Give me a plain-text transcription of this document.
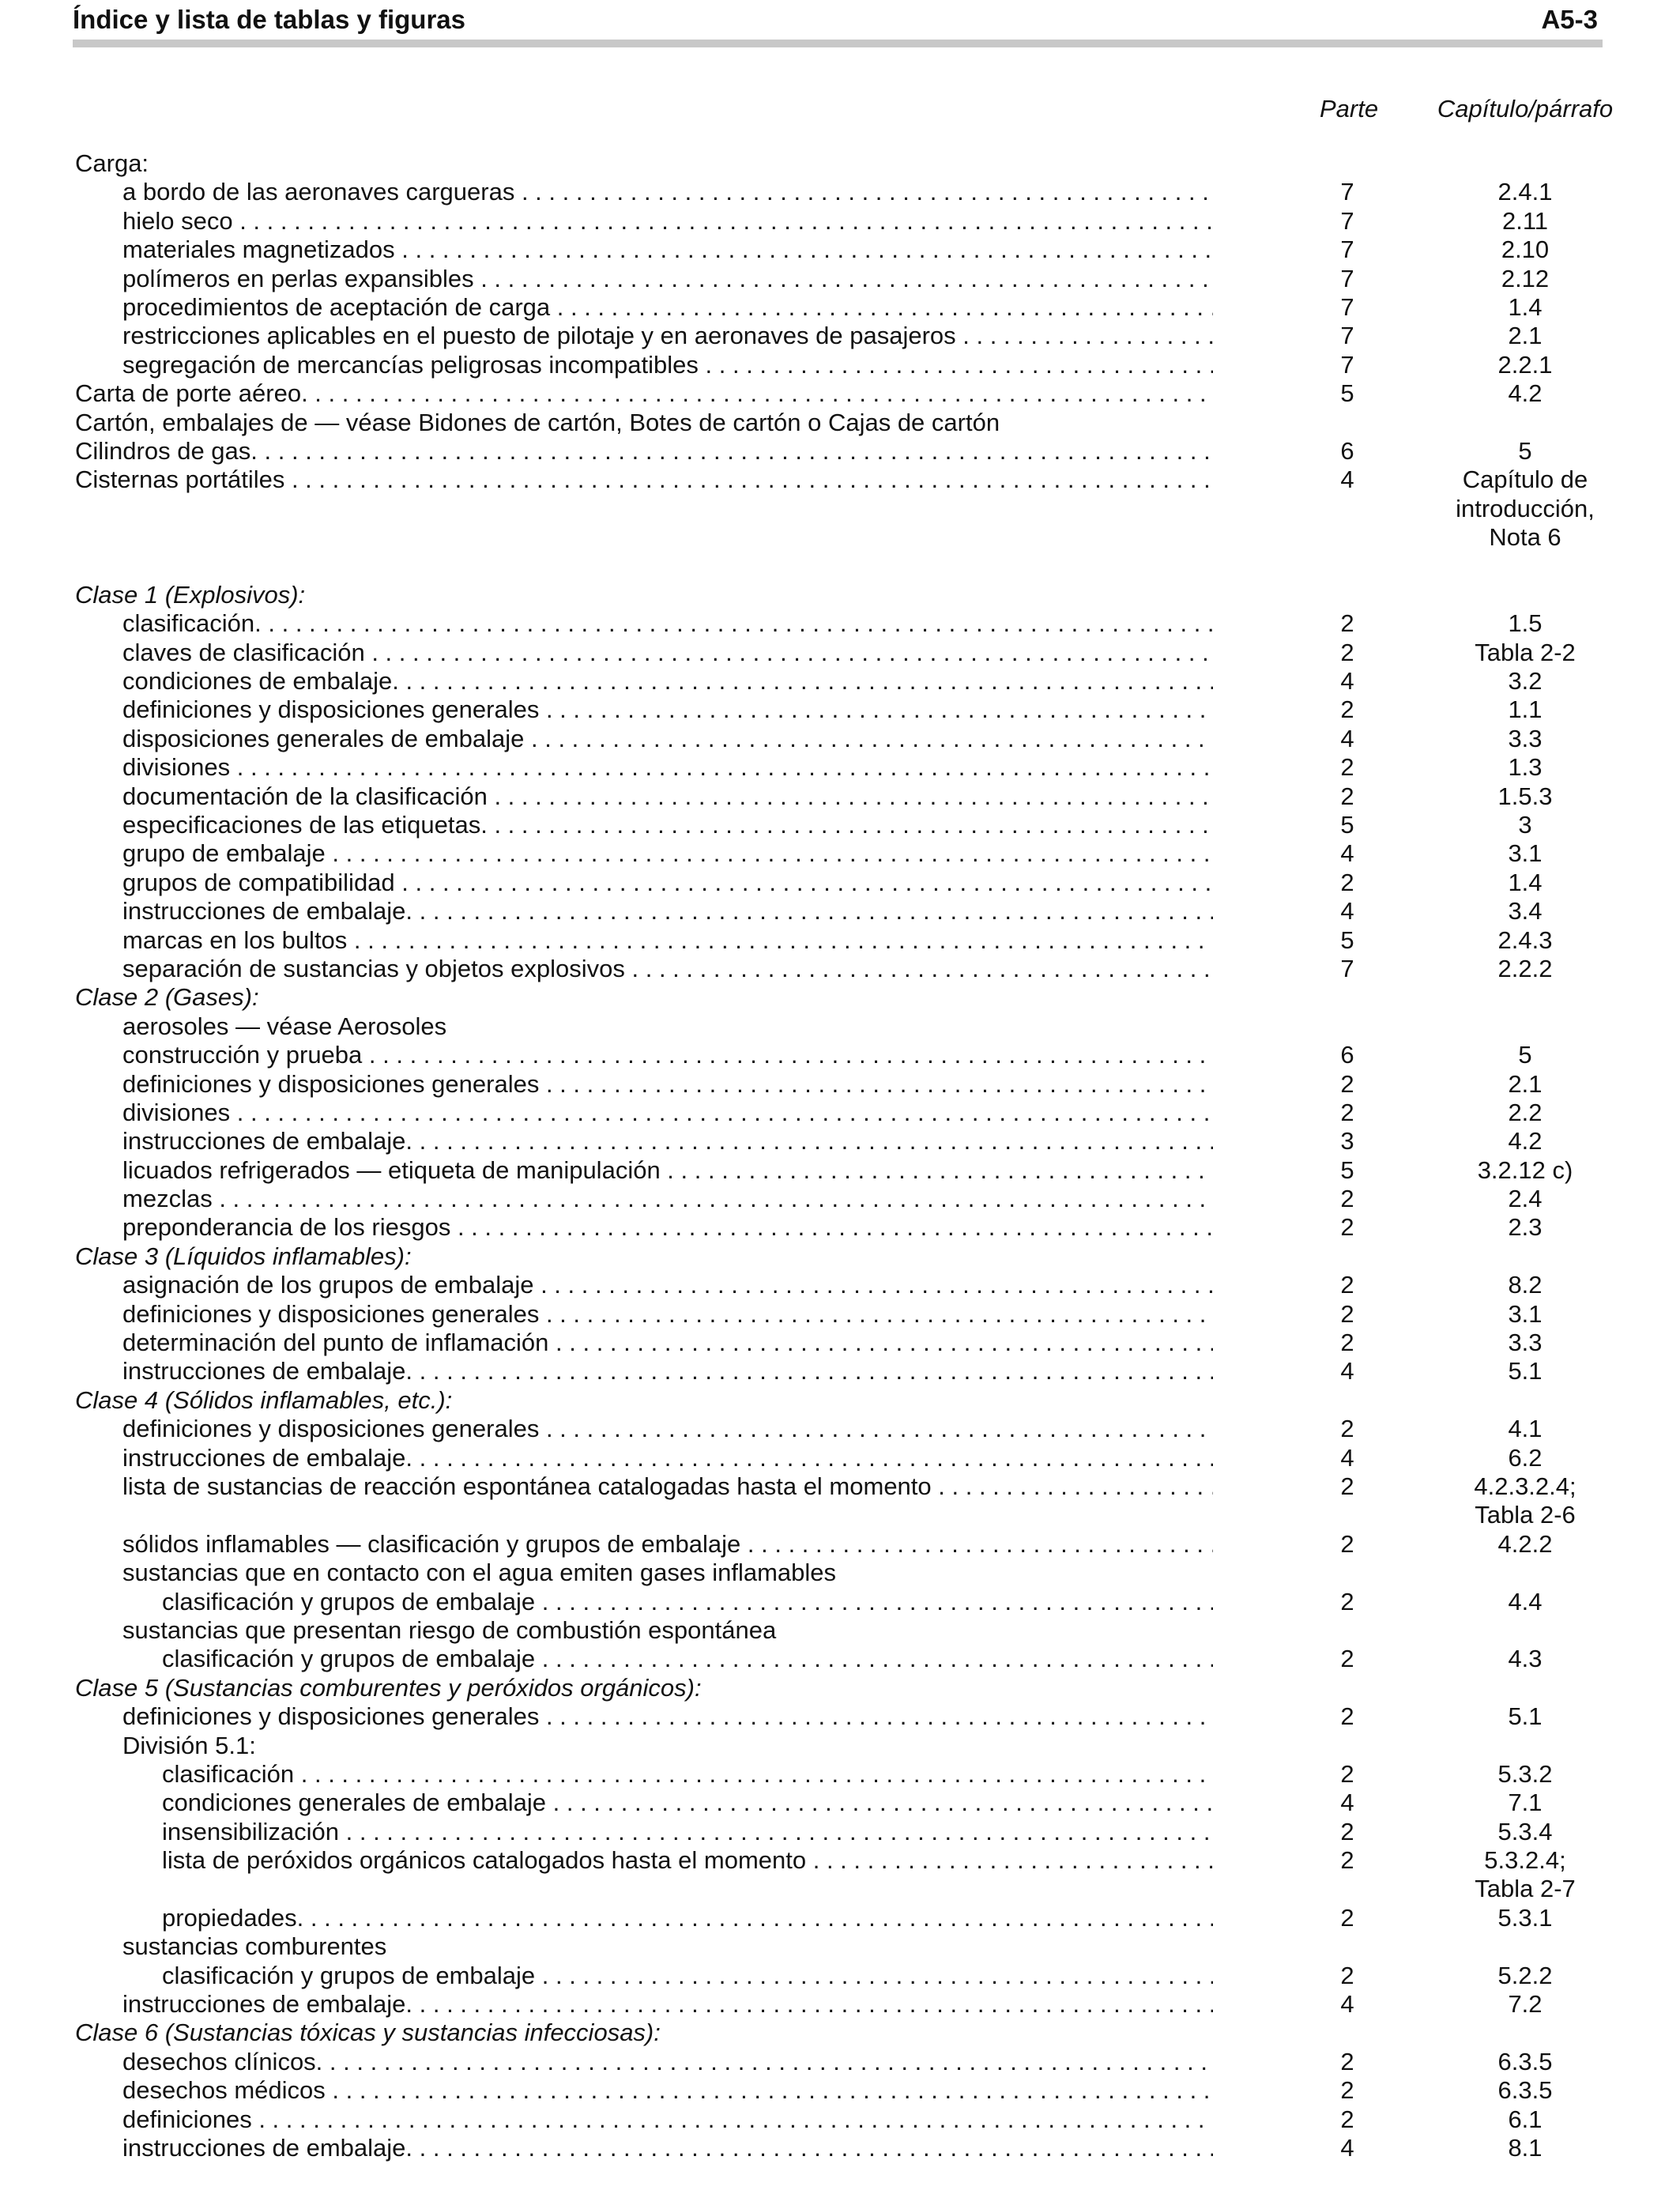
Índice y lista de tablas y figuras	A5-3
Parte	Capítulo/párrafo
Carga:
a bordo de las aeronaves cargueras . . .	7	2.4.1
hielo seco . . .	7	2.11
materiales magnetizados . . .	7	2.10
polímeros en perlas expansibles . . .	7	2.12
procedimientos de aceptación de carga . . .	7	1.4
restricciones aplicables en el puesto de pilotaje y en aeronaves de pasajeros . . .	7	2.1
segregación de mercancías peligrosas incompatibles . . .	7	2.2.1
Carta de porte aéreo. . . .	5	4.2
Cartón, embalajes de — véase Bidones de cartón, Botes de cartón o Cajas de cartón
Cilindros de gas. . . .	6	5
Cisternas portátiles . . .	4	Capítulo de
introducción,
Nota 6
Clase 1 (Explosivos):
clasificación. . . .	2	1.5
claves de clasificación . . .	2	Tabla 2-2
condiciones de embalaje. . . .	4	3.2
definiciones y disposiciones generales . . .	2	1.1
disposiciones generales de embalaje . . .	4	3.3
divisiones . . .	2	1.3
documentación de la clasificación . . .	2	1.5.3
especificaciones de las etiquetas. . . .	5	3
grupo de embalaje . . .	4	3.1
grupos de compatibilidad . . .	2	1.4
instrucciones de embalaje. . . .	4	3.4
marcas en los bultos . . .	5	2.4.3
separación de sustancias y objetos explosivos . . .	7	2.2.2
Clase 2 (Gases):
aerosoles — véase Aerosoles
construcción y prueba . . .	6	5
definiciones y disposiciones generales . . .	2	2.1
divisiones . . .	2	2.2
instrucciones de embalaje. . . .	3	4.2
licuados refrigerados — etiqueta de manipulación . . .	5	3.2.12 c)
mezclas . . .	2	2.4
preponderancia de los riesgos . . .	2	2.3
Clase 3 (Líquidos inflamables):
asignación de los grupos de embalaje . . .	2	8.2
definiciones y disposiciones generales . . .	2	3.1
determinación del punto de inflamación . . .	2	3.3
instrucciones de embalaje. . . .	4	5.1
Clase 4 (Sólidos inflamables, etc.):
definiciones y disposiciones generales . . .	2	4.1
instrucciones de embalaje. . . .	4	6.2
lista de sustancias de reacción espontánea catalogadas hasta el momento . . .	2	4.2.3.2.4;
Tabla 2-6
sólidos inflamables — clasificación y grupos de embalaje . . .	2	4.2.2
sustancias que en contacto con el agua emiten gases inflamables
clasificación y grupos de embalaje . . .	2	4.4
sustancias que presentan riesgo de combustión espontánea
clasificación y grupos de embalaje . . .	2	4.3
Clase 5 (Sustancias comburentes y peróxidos orgánicos):
definiciones y disposiciones generales . . .	2	5.1
División 5.1:
clasificación . . .	2	5.3.2
condiciones generales de embalaje . . .	4	7.1
insensibilización . . .	2	5.3.4
lista de peróxidos orgánicos catalogados hasta el momento . . .	2	5.3.2.4;
Tabla 2-7
propiedades. . . .	2	5.3.1
sustancias comburentes
clasificación y grupos de embalaje . . .	2	5.2.2
instrucciones de embalaje. . . .	4	7.2
Clase 6 (Sustancias tóxicas y sustancias infecciosas):
desechos clínicos. . . .	2	6.3.5
desechos médicos . . .	2	6.3.5
definiciones . . .	2	6.1
instrucciones de embalaje. . . .	4	8.1
